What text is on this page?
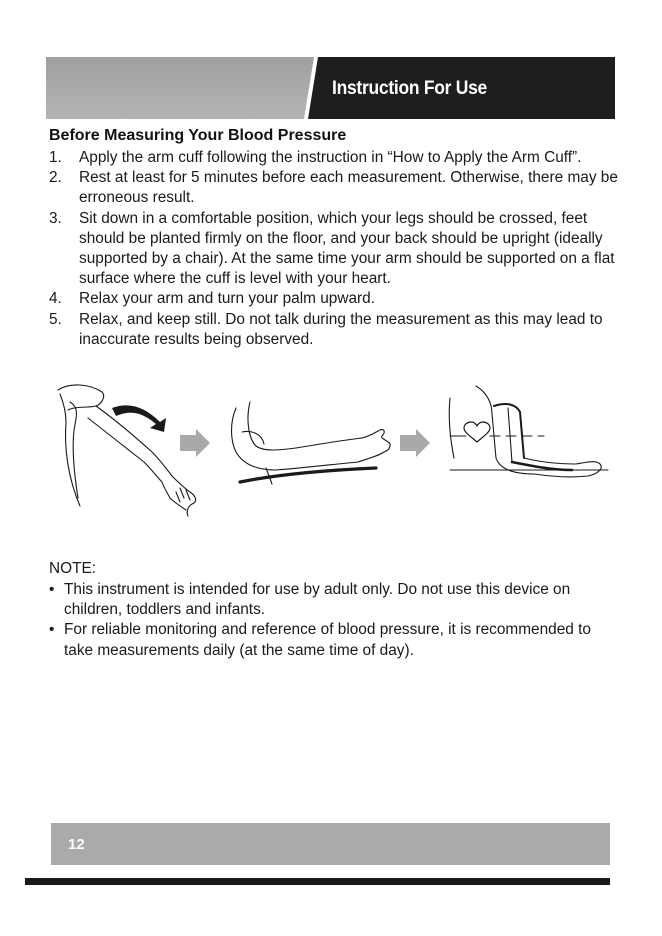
Instruction For Use
Before Measuring Your Blood Pressure
1. Apply the arm cuff following the instruction in “How to Apply the Arm Cuff”.
2. Rest at least for 5 minutes before each measurement. Otherwise, there may be erroneous result.
3. Sit down in a comfortable position, which your legs should be crossed, feet should be planted firmly on the floor, and your back should be upright (ideally supported by a chair). At the same time your arm should be supported on a flat surface where the cuff is level with your heart.
4. Relax your arm and turn your palm upward.
5. Relax, and keep still. Do not talk during the measurement as this may lead to inaccurate results being observed.
NOTE:
• This instrument is intended for use by adult only. Do not use this device on children, toddlers and infants.
• For reliable monitoring and reference of blood pressure, it is recommended to take measurements daily (at the same time of day).
12
